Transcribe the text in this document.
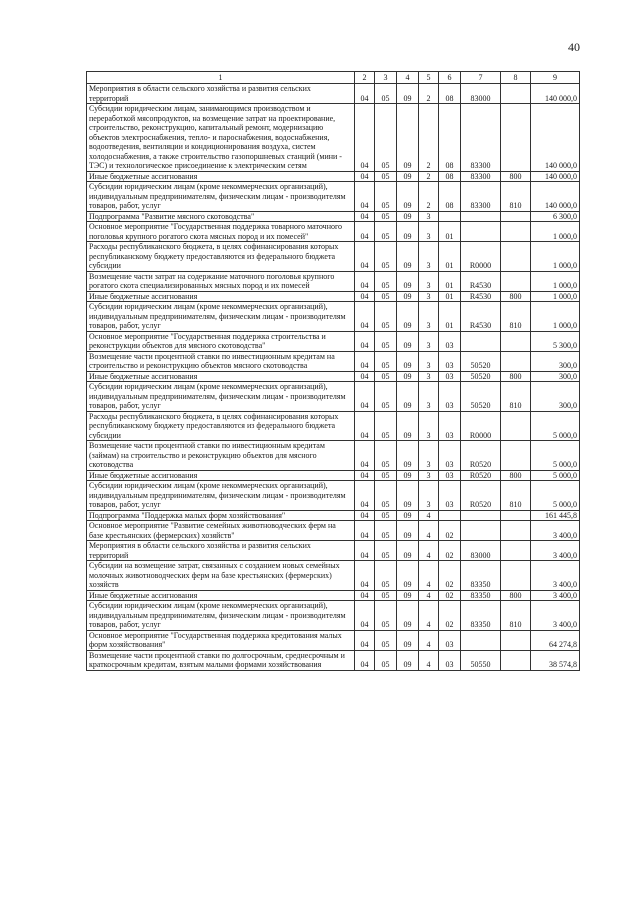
40
1	2	3	4	5	6	7	8	9
Мероприятия в области сельского хозяйства и развития сельских территорий	04	05	09	2	08	83000		140 000,0
Субсидии юридическим лицам, занимающимся производством и переработкой мясопродуктов, на возмещение затрат на проектирование, строительство, реконструкцию, капитальный ремонт, модернизацию объектов электроснабжения, тепло- и пароснабжения, водоснабжения, водоотведения, вентиляции и кондиционирования воздуха, систем холодоснабжения, а также строительство газопоршневых станций (мини - ТЭС) и технологическое присоединение к электрическим сетям	04	05	09	2	08	83300		140 000,0
Иные бюджетные ассигнования	04	05	09	2	08	83300	800	140 000,0
Субсидии юридическим лицам (кроме некоммерческих организаций), индивидуальным предпринимателям, физическим лицам - производителям товаров, работ, услуг	04	05	09	2	08	83300	810	140 000,0
Подпрограмма "Развитие мясного скотоводства"	04	05	09	3				6 300,0
Основное мероприятие "Государственная поддержка товарного маточного поголовья крупного рогатого скота мясных пород и их помесей"	04	05	09	3	01			1 000,0
Расходы республиканского бюджета, в целях софинансирования которых республиканскому бюджету предоставляются из федерального бюджета субсидии	04	05	09	3	01	R0000		1 000,0
Возмещение части затрат на содержание маточного поголовья крупного рогатого скота специализированных мясных пород и их помесей	04	05	09	3	01	R4530		1 000,0
Иные бюджетные ассигнования	04	05	09	3	01	R4530	800	1 000,0
Субсидии юридическим лицам (кроме некоммерческих организаций), индивидуальным предпринимателям, физическим лицам - производителям товаров, работ, услуг	04	05	09	3	01	R4530	810	1 000,0
Основное мероприятие "Государственная поддержка строительства и реконструкции объектов для мясного скотоводства"	04	05	09	3	03			5 300,0
Возмещение части процентной ставки по инвестиционным кредитам на строительство и реконструкцию объектов мясного скотоводства	04	05	09	3	03	50520		300,0
Иные бюджетные ассигнования	04	05	09	3	03	50520	800	300,0
Субсидии юридическим лицам (кроме некоммерческих организаций), индивидуальным предпринимателям, физическим лицам - производителям товаров, работ, услуг	04	05	09	3	03	50520	810	300,0
Расходы республиканского бюджета, в целях софинансирования которых республиканскому бюджету предоставляются из федерального бюджета субсидии	04	05	09	3	03	R0000		5 000,0
Возмещение части процентной ставки по инвестиционным кредитам (займам) на строительство и реконструкцию объектов для мясного скотоводства	04	05	09	3	03	R0520		5 000,0
Иные бюджетные ассигнования	04	05	09	3	03	R0520	800	5 000,0
Субсидии юридическим лицам (кроме некоммерческих организаций), индивидуальным предпринимателям, физическим лицам - производителям товаров, работ, услуг	04	05	09	3	03	R0520	810	5 000,0
Подпрограмма "Поддержка малых форм хозяйствования"	04	05	09	4				161 445,8
Основное мероприятие "Развитие семейных животноводческих ферм на базе крестьянских (фермерских) хозяйств"	04	05	09	4	02			3 400,0
Мероприятия в области сельского хозяйства и развития сельских территорий	04	05	09	4	02	83000		3 400,0
Субсидии на возмещение затрат, связанных с созданием новых семейных молочных животноводческих ферм на базе крестьянских (фермерских) хозяйств	04	05	09	4	02	83350		3 400,0
Иные бюджетные ассигнования	04	05	09	4	02	83350	800	3 400,0
Субсидии юридическим лицам (кроме некоммерческих организаций), индивидуальным предпринимателям, физическим лицам - производителям товаров, работ, услуг	04	05	09	4	02	83350	810	3 400,0
Основное мероприятие "Государственная поддержка кредитования малых форм хозяйствования"	04	05	09	4	03			64 274,8
Возмещение части процентной ставки по долгосрочным, среднесрочным и краткосрочным кредитам, взятым малыми формами хозяйствования	04	05	09	4	03	50550		38 574,8
